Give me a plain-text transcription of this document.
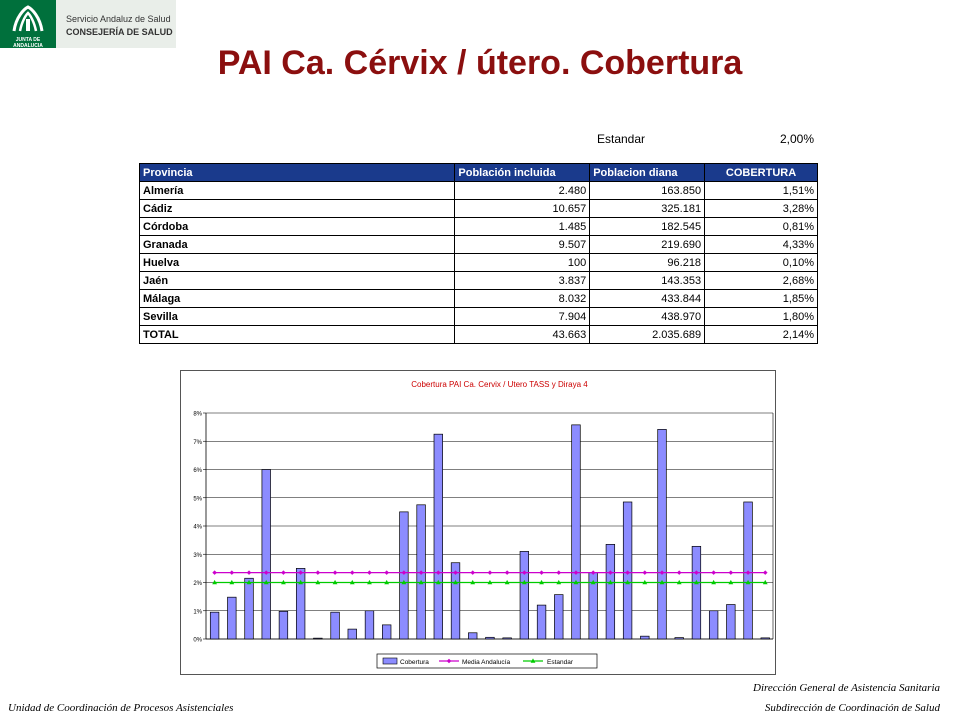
JUNTA DE ANDALUCIA
Servicio Andaluz de Salud
CONSEJERÍA DE SALUD
PAI Ca. Cérvix / útero. Cobertura
Estandar	2,00%
Provincia	Población incluida	Poblacion diana	COBERTURA
Almería	2.480	163.850	1,51%
Cádiz	10.657	325.181	3,28%
Córdoba	1.485	182.545	0,81%
Granada	9.507	219.690	4,33%
Huelva	100	96.218	0,10%
Jaén	3.837	143.353	2,68%
Málaga	8.032	433.844	1,85%
Sevilla	7.904	438.970	1,80%
TOTAL	43.663	2.035.689	2,14%
Cobertura PAI Ca. Cervix / Utero TASS y Diraya 4
0%
1%
2%
3%
4%
5%
6%
7%
8%
Cobertura	Media Andalucía	Estandar
Unidad de Coordinación de Procesos Asistenciales
Dirección General de Asistencia Sanitaria
Subdirección de Coordinación de Salud
